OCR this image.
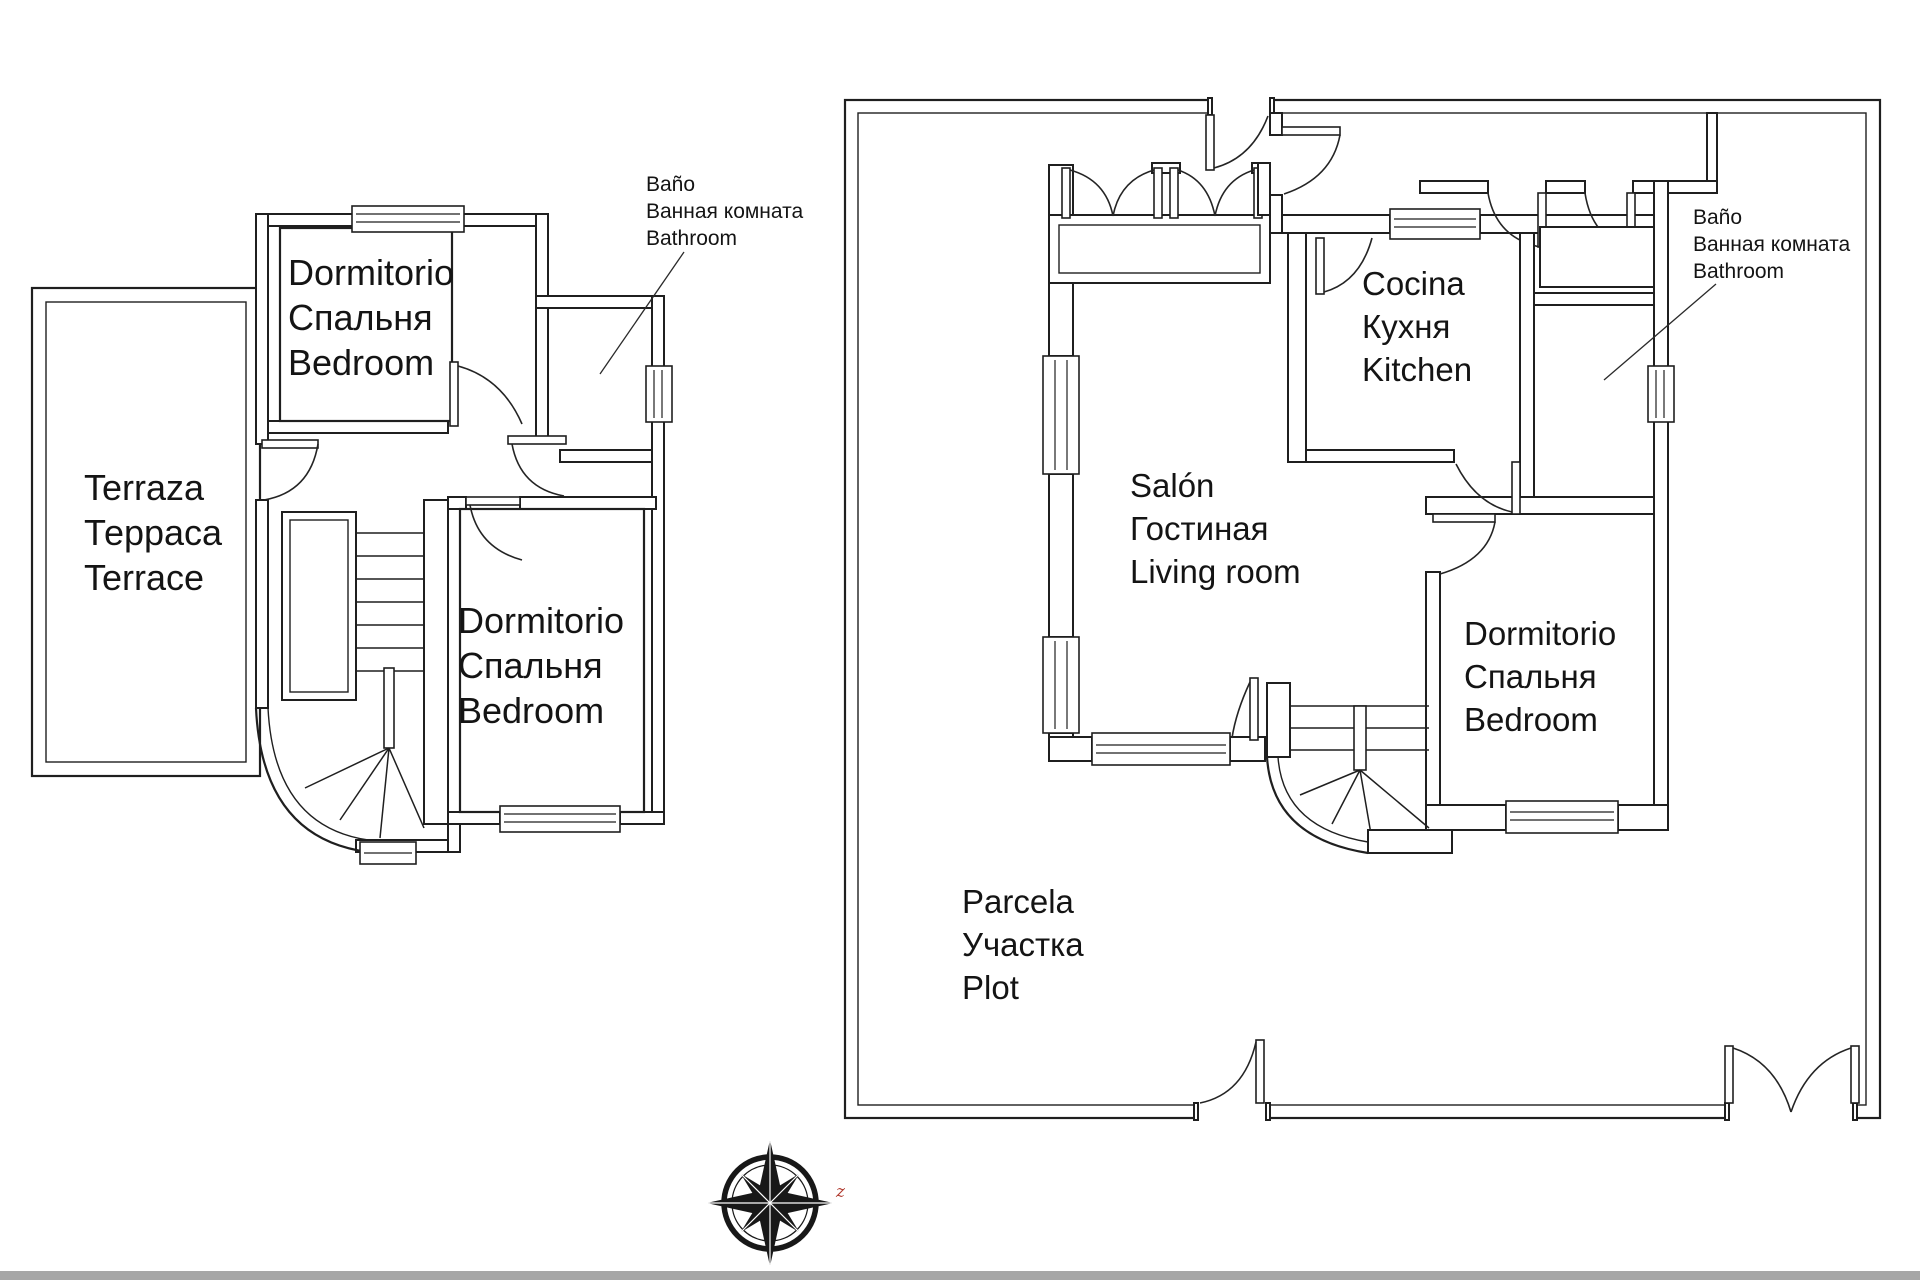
Dormitorio
Спальня
Bedroom
Terraza
Терраса
Terrace
Dormitorio
Спальня
Bedroom
Baño
Ванная комната
Bathroom
Cocina
Кухня
Kitchen
Salón
Гостиная
Living room
Dormitorio
Спальня
Bedroom
Parcela
Участка
Plot
Baño
Ванная комната
Bathroom
z
